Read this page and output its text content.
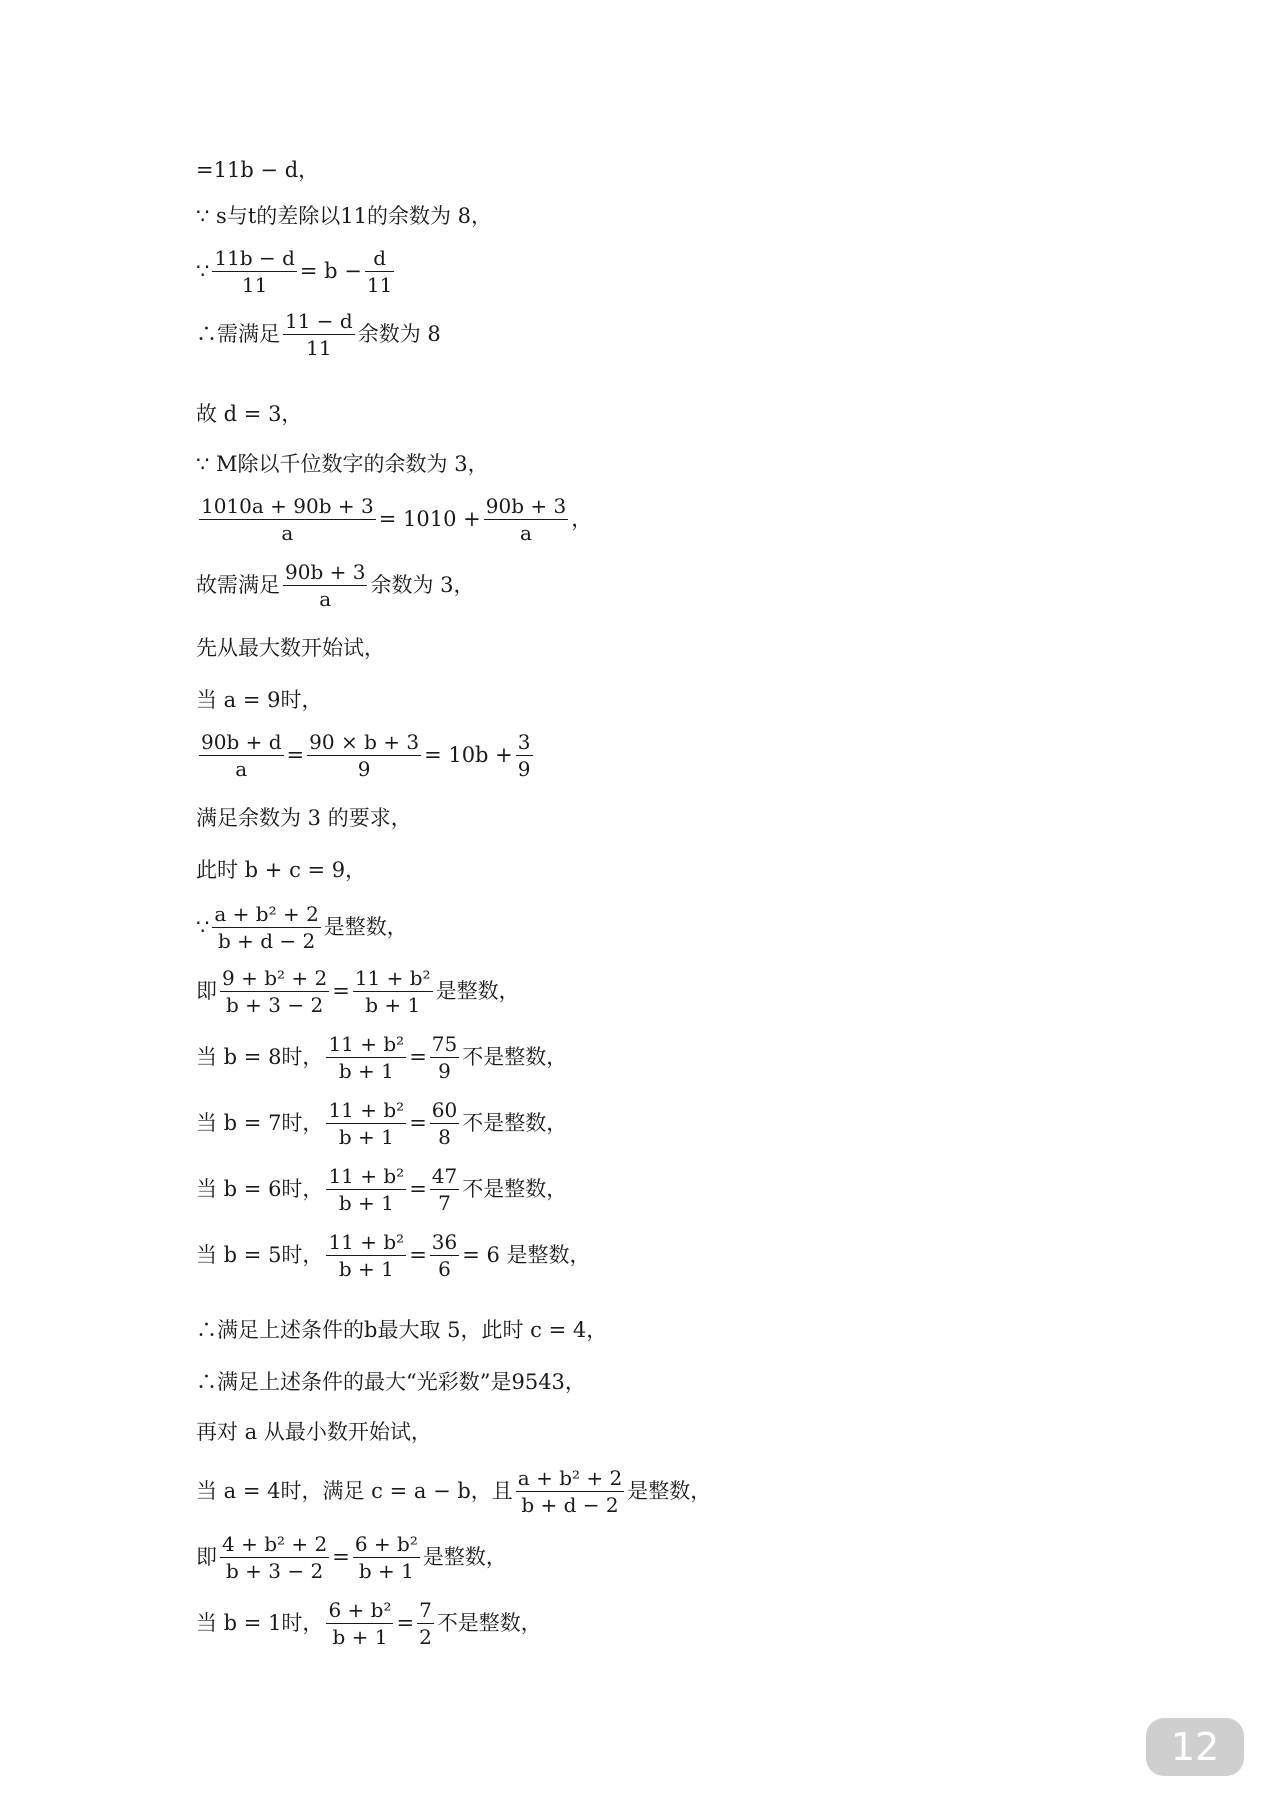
=11b − d，
∵ s与t的差除以11的余数为 8，
∵ $\frac{11b - d}{11} = b - \frac{d}{11}$
∴需满足 $\frac{11 - d}{11}$ 余数为 8
故 d = 3，
∵ M除以千位数字的余数为 3，
$\frac{1010a + 90b + 3}{a} = 1010 + \frac{90b + 3}{a}$ ，
故需满足 $\frac{90b + 3}{a}$ 余数为 3，
先从最大数开始试，
当 a = 9时，
$\frac{90b + d}{a} = \frac{90 \times b + 3}{9} = 10b + \frac{3}{9}$
满足余数为 3 的要求，
此时 b + c = 9，
∵ $\frac{\text{a + b² + 2}}{b + d - 2}$ 是整数，
即 $\frac{\text{9 + b² + 2}}{b + 3 - 2} = \frac{\text{11 + b²}}{b + 1}$ 是整数，
当 b = 8时， $\frac{\text{11 + b²}}{b + 1} = \frac{75}{9}$ 不是整数，
当 b = 7时， $\frac{\text{11 + b²}}{b + 1} = \frac{60}{8}$ 不是整数，
当 b = 6时， $\frac{\text{11 + b²}}{b + 1} = \frac{47}{7}$ 不是整数，
当 b = 5时， $\frac{\text{11 + b²}}{b + 1} = \frac{36}{6} = 6$ 是整数，
∴满足上述条件的b最大取 5，此时 c = 4，
∴满足上述条件的最大“光彩数”是9543，
再对 a 从最小数开始试，
当 a = 4时，满足 c = a − b，且 $\frac{\text{a + b² + 2}}{b + d - 2}$ 是整数，
即 $\frac{\text{4 + b² + 2}}{b + 3 - 2} = \frac{\text{6 + b²}}{b + 1}$ 是整数，
当 b = 1时， $\frac{\text{6 + b²}}{b + 1} = \frac{7}{2}$ 不是整数，
12
